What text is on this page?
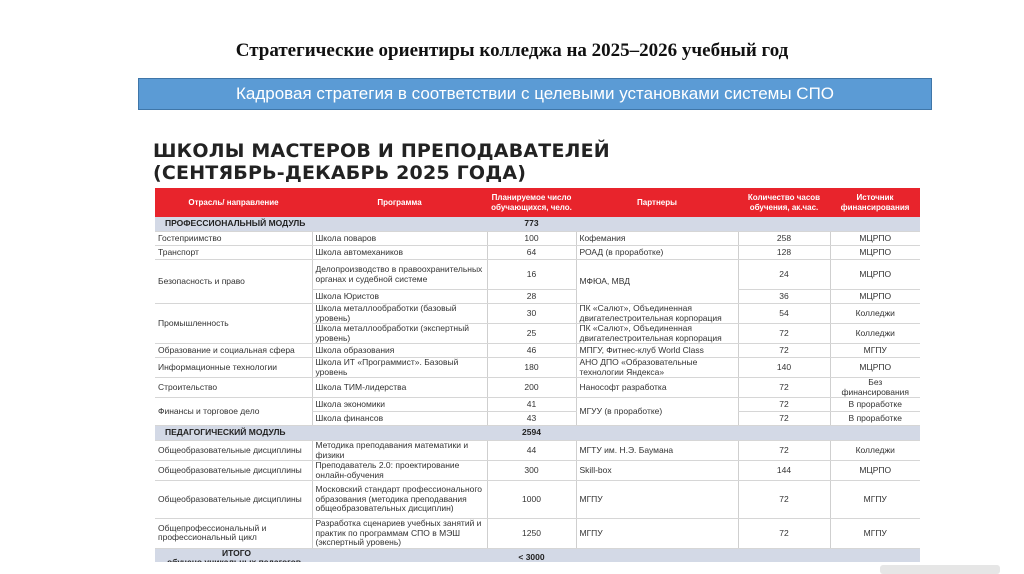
Стратегические ориентиры колледжа на 2025–2026 учебный год
Кадровая стратегия в соответствии с целевыми установками системы СПО
ШКОЛЫ МАСТЕРОВ И ПРЕПОДАВАТЕЛЕЙ
(СЕНТЯБРЬ-ДЕКАБРЬ 2025 ГОДА)
Отрасль/ направление	Программа	Планируемое число обучающихся, чело.	Партнеры	Количество часов обучения, ак.час.	Источник финансирования
ПРОФЕССИОНАЛЬНЫЙ МОДУЛЬ		773			
Гостеприимство	Школа поваров	100	Кофемания	258	МЦРПО
Транспорт	Школа автомехаников	64	РОАД (в проработке)	128	МЦРПО
Безопасность и право	Делопроизводство в правоохранительных органах и судебной системе	16	МФЮА, МВД	24	МЦРПО
	Школа Юристов	28		36	МЦРПО
Промышленность	Школа металлообработки (базовый уровень)	30	ПК «Салют», Объединенная двигателестроительная корпорация	54	Колледжи
	Школа металлообработки (экспертный уровень)	25	ПК «Салют», Объединенная двигателестроительная корпорация	72	Колледжи
Образование и социальная сфера	Школа образования	46	МПГУ, Фитнес-клуб World Class	72	МГПУ
Информационные технологии	Школа ИТ «Программист». Базовый уровень	180	АНО ДПО «Образовательные технологии Яндекса»	140	МЦРПО
Строительство	Школа ТИМ-лидерства	200	Нанософт разработка	72	Без финансирования
Финансы и торговое дело	Школа экономики	41	МГУУ (в проработке)	72	В проработке
	Школа финансов	43		72	В проработке
ПЕДАГОГИЧЕСКИЙ МОДУЛЬ		2594			
Общеобразовательные дисциплины	Методика преподавания математики и физики	44	МГТУ им. Н.Э. Баумана	72	Колледжи
Общеобразовательные дисциплины	Преподаватель 2.0: проектирование онлайн-обучения	300	Skill-box	144	МЦРПО
Общеобразовательные дисциплины	Московский стандарт профессионального образования (методика преподавания общеобразовательных дисциплин)	1000	МГПУ	72	МГПУ
Общепрофессиональный и профессиональный цикл	Разработка сценариев учебных занятий и практик по программам СПО в МЭШ (экспертный уровень)	1250	МГПУ	72	МГПУ

ИТОГО		< 3000			
